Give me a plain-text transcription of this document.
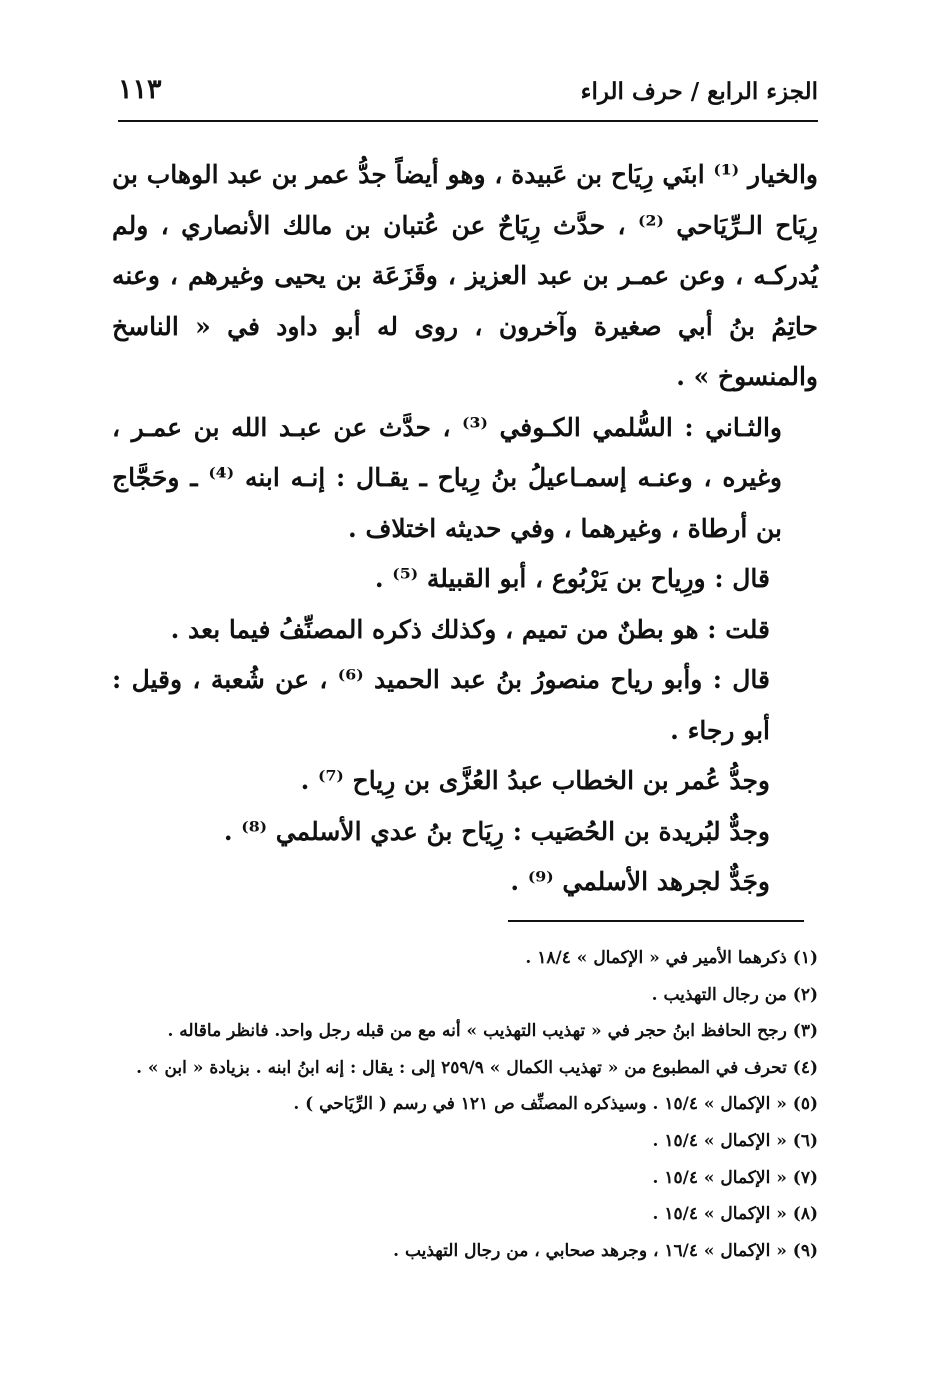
الجزء الرابع / حرف الراء
١١٣

والخيار ⁽¹⁾ ابنَي رِيَاح بن عَبيدة ، وهو أيضاً جدُّ عمر بن عبد الوهاب بن رِيَاح الـرِّيَاحي ⁽²⁾ ، حدَّث رِيَاحٌ عن عُتبان بن مالك الأنصاري ، ولم يُدركـه ، وعن عمـر بن عبد العزيز ، وقَزَعَة بن يحيى وغيرهم ، وعنه حاتِمُ بنُ أبي صغيرة وآخرون ، روى له أبو داود في « الناسخ والمنسوخ » .

والثـاني : السُّلمي الكـوفي ⁽³⁾ ، حدَّث عن عبـد الله بن عمـر ، وغيره ، وعنـه إسمـاعيلُ بنُ رِياح ـ يقـال : إنـه ابنه ⁽⁴⁾ ـ وحَجَّاج بن أرطاة ، وغيرهما ، وفي حديثه اختلاف .

قال : ورِياح بن يَرْبُوع ، أبو القبيلة ⁽⁵⁾ .

قلت : هو بطنٌ من تميم ، وكذلك ذكره المصنِّفُ فيما بعد .

قال : وأبو رياح منصورُ بنُ عبد الحميد ⁽⁶⁾ ، عن شُعبة ، وقيل : أبو رجاء .

وجدُّ عُمر بن الخطاب عبدُ العُزَّى بن رِياح ⁽⁷⁾ .

وجدٌّ لبُريدة بن الحُصَيب : رِيَاح بنُ عدي الأسلمي ⁽⁸⁾ .

وجَدٌّ لجرهد الأسلمي ⁽⁹⁾ .

(١) ذكرهما الأمير في « الإكمال » ١٨/٤ .
(٢) من رجال التهذيب .
(٣) رجح الحافظ ابنُ حجر في « تهذيب التهذيب » أنه مع من قبله رجل واحد. فانظر ماقاله .
(٤) تحرف في المطبوع من « تهذيب الكمال » ٢٥٩/٩ إلى : يقال : إنه ابنُ ابنه . بزيادة « ابن » .
(٥) « الإكمال » ١٥/٤ . وسيذكره المصنِّف ص ١٢١ في رسم ( الرِّيَاحي ) .
(٦) « الإكمال » ١٥/٤ .
(٧) « الإكمال » ١٥/٤ .
(٨) « الإكمال » ١٥/٤ .
(٩) « الإكمال » ١٦/٤ ، وجرهد صحابي ، من رجال التهذيب .
